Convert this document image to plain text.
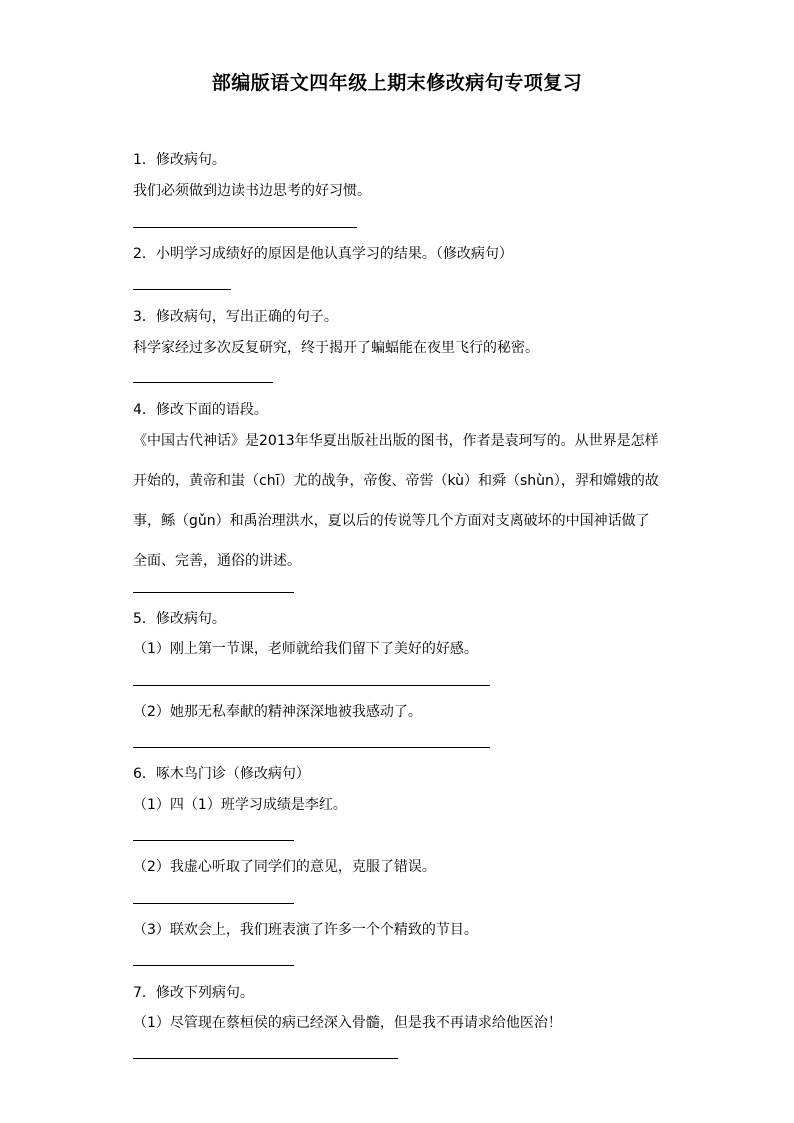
部编版语文四年级上期末修改病句专项复习
1．修改病句。
我们必须做到边读书边思考的好习惯。
2．小明学习成绩好的原因是他认真学习的结果。（修改病句）
3．修改病句，写出正确的句子。
科学家经过多次反复研究，终于揭开了蝙蝠能在夜里飞行的秘密。
4．修改下面的语段。
《中国古代神话》是2013年华夏出版社出版的图书，作者是袁珂写的。从世界是怎样开始的，黄帝和蚩（chī）尤的战争，帝俊、帝喾（kù）和舜（shùn），羿和嫦娥的故事，鲧（gǔn）和禹治理洪水，夏以后的传说等几个方面对支离破坏的中国神话做了全面、完善，通俗的讲述。
5．修改病句。
（1）刚上第一节课，老师就给我们留下了美好的好感。
（2）她那无私奉献的精神深深地被我感动了。
6．啄木鸟门诊（修改病句）
（1）四（1）班学习成绩是李红。
（2）我虚心听取了同学们的意见，克服了错误。
（3）联欢会上，我们班表演了许多一个个精致的节目。
7．修改下列病句。
（1）尽管现在蔡桓侯的病已经深入骨髓，但是我不再请求给他医治！
